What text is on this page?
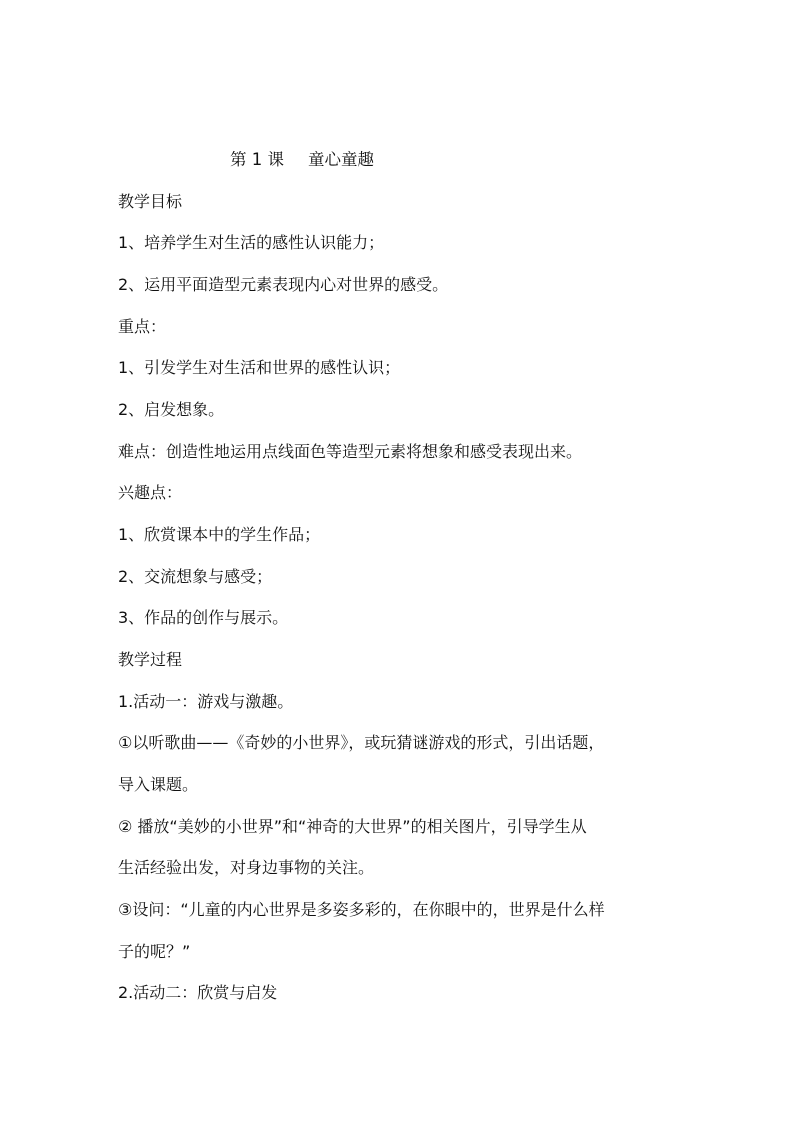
第 1 课 童心童趣

教学目标

1、培养学生对生活的感性认识能力；

2、运用平面造型元素表现内心对世界的感受。

重点：

1、引发学生对生活和世界的感性认识；

2、启发想象。

难点：创造性地运用点线面色等造型元素将想象和感受表现出来。

兴趣点：

1、欣赏课本中的学生作品；

2、交流想象与感受；

3、作品的创作与展示。

教学过程

1.活动一：游戏与激趣。

①以听歌曲——《奇妙的小世界》，或玩猜谜游戏的形式，引出话题，

导入课题。

② 播放“美妙的小世界”和“神奇的大世界”的相关图片，引导学生从

生活经验出发，对身边事物的关注。

③设问：“儿童的内心世界是多姿多彩的，在你眼中的，世界是什么样

子的呢？”

2.活动二：欣赏与启发
